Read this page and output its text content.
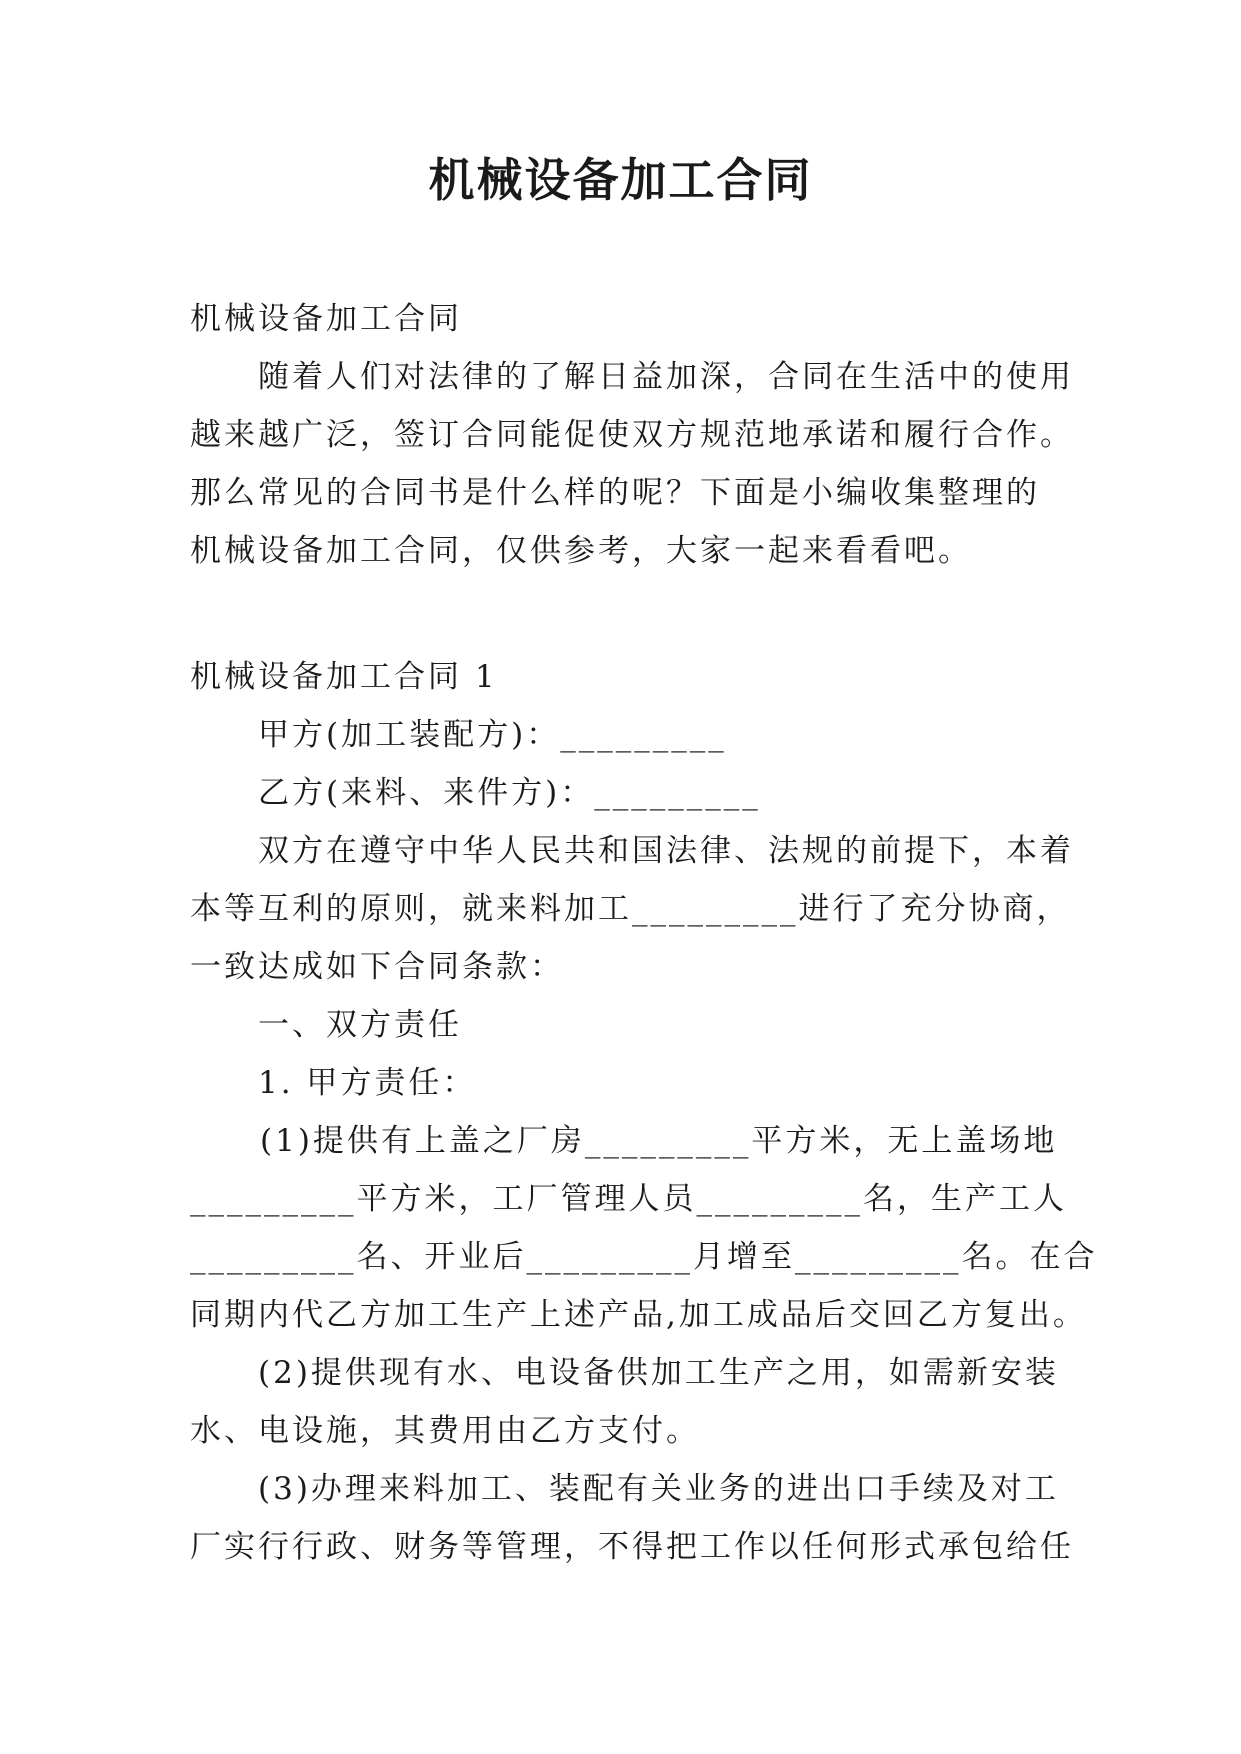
机械设备加工合同

机械设备加工合同

随着人们对法律的了解日益加深，合同在生活中的使用

越来越广泛，签订合同能促使双方规范地承诺和履行合作。

那么常见的合同书是什么样的呢？下面是小编收集整理的

机械设备加工合同，仅供参考，大家一起来看看吧。

机械设备加工合同 1

甲方(加工装配方)：_________

乙方(来料、来件方)：_________

双方在遵守中华人民共和国法律、法规的前提下，本着

本等互利的原则，就来料加工_________进行了充分协商，

一致达成如下合同条款：

一、双方责任

1. 甲方责任：

(1)提供有上盖之厂房_________平方米，无上盖场地

_________平方米，工厂管理人员_________名，生产工人

_________名、开业后_________月增至_________名。在合

同期内代乙方加工生产上述产品,加工成品后交回乙方复出。

(2)提供现有水、电设备供加工生产之用，如需新安装

水、电设施，其费用由乙方支付。

(3)办理来料加工、装配有关业务的进出口手续及对工

厂实行行政、财务等管理，不得把工作以任何形式承包给任
